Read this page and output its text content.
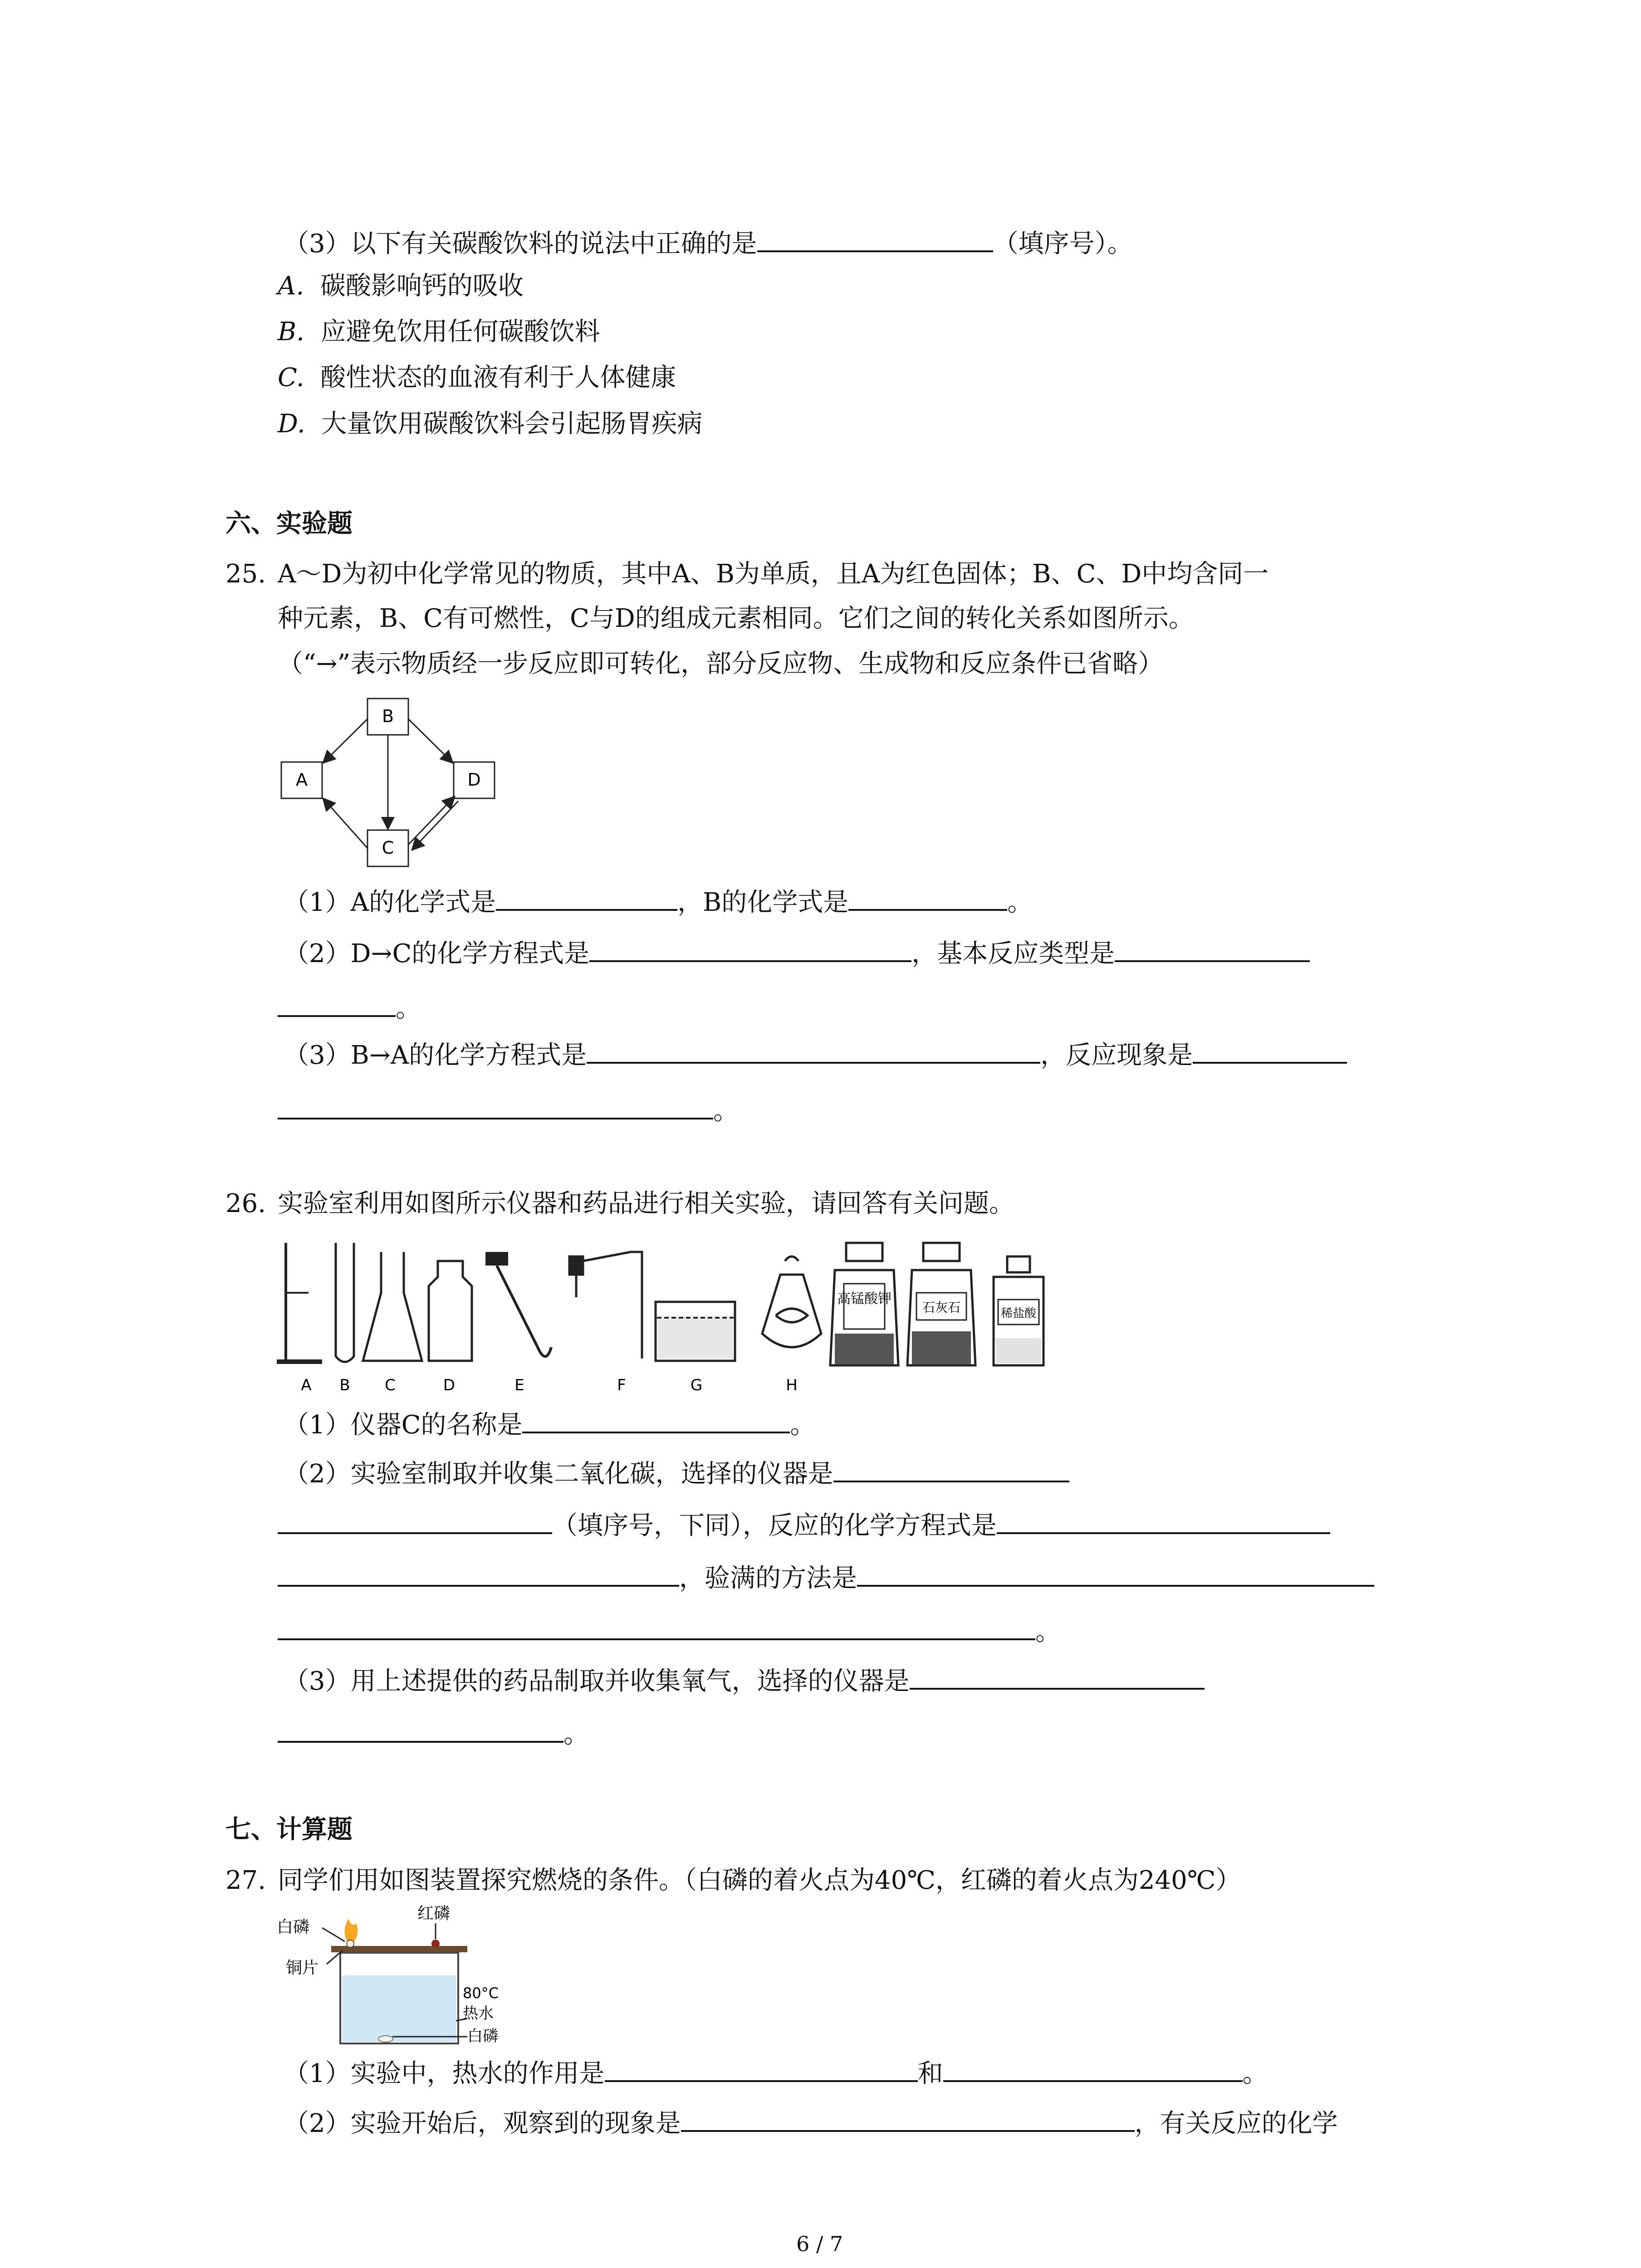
（3）以下有关碳酸饮料的说法中正确的是	（填序号）。
A. 碳酸影响钙的吸收
B. 应避免饮用任何碳酸饮料
C. 酸性状态的血液有利于人体健康
D. 大量饮用碳酸饮料会引起肠胃疾病
六、实验题
25. A～D为初中化学常见的物质，其中A、B为单质，且A为红色固体；B、C、D中均含同一
种元素，B、C有可燃性，C与D的组成元素相同。它们之间的转化关系如图所示。
（“→”表示物质经一步反应即可转化，部分反应物、生成物和反应条件已省略）
B
A	D
C
（1）A的化学式是	，B的化学式是	。
（2）D→C的化学方程式是	，基本反应类型是
。
（3）B→A的化学方程式是	，反应现象是
。
26. 实验室利用如图所示仪器和药品进行相关实验，请回答有关问题。
高锰酸钾
石灰石	稀盐酸
A B C	D	E	F	G	H
（1）仪器C的名称是	。
（2）实验室制取并收集二氧化碳，选择的仪器是
（填序号，下同），反应的化学方程式是
，验满的方法是
。
（3）用上述提供的药品制取并收集氧气，选择的仪器是
。
七、计算题
27. 同学们用如图装置探究燃烧的条件。（白磷的着火点为40℃，红磷的着火点为240℃）
白磷
红磷
铜片
80°C
热水
白磷
（1）实验中，热水的作用是	和	。
（2）实验开始后，观察到的现象是	，有关反应的化学
6 / 7
